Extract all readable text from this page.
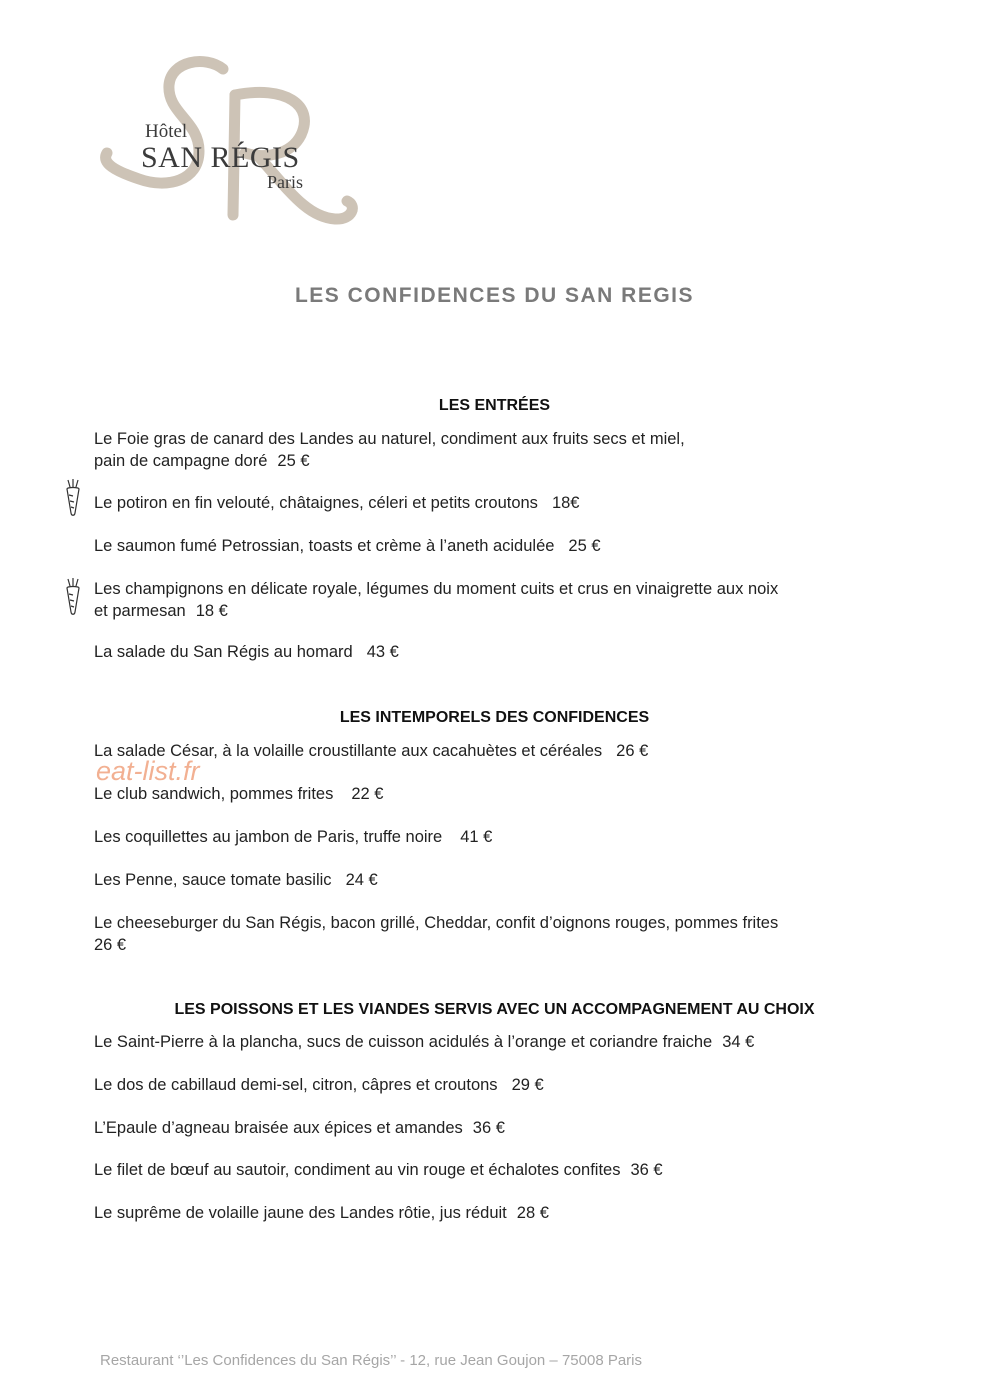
Hôtel
SAN RÉGIS
Paris
LES CONFIDENCES DU SAN REGIS
LES ENTRÉES

Le Foie gras de canard des Landes au naturel, condiment aux fruits secs et miel,
pain de campagne doré 25 €

Le potiron en fin velouté, châtaignes, céleri et petits croutons 18€

Le saumon fumé Petrossian, toasts et crème à l’aneth acidulée 25 €

Les champignons en délicate royale, légumes du moment cuits et crus en vinaigrette aux noix
et parmesan 18 €

La salade du San Régis au homard 43 €

LES INTEMPORELS DES CONFIDENCES

La salade César, à la volaille croustillante aux cacahuètes et céréales 26 €

eat-list.fr

Le club sandwich, pommes frites 22 €

Les coquillettes au jambon de Paris, truffe noire 41 €

Les Penne, sauce tomate basilic 24 €

Le cheeseburger du San Régis, bacon grillé, Cheddar, confit d’oignons rouges, pommes frites
26 €

LES POISSONS ET LES VIANDES SERVIS AVEC UN ACCOMPAGNEMENT AU CHOIX

Le Saint-Pierre à la plancha, sucs de cuisson acidulés à l’orange et coriandre fraiche 34 €

Le dos de cabillaud demi-sel, citron, câpres et croutons 29 €

L’Epaule d’agneau braisée aux épices et amandes 36 €

Le filet de bœuf au sautoir, condiment au vin rouge et échalotes confites 36 €

Le suprême de volaille jaune des Landes rôtie, jus réduit 28 €

Restaurant ‘’Les Confidences du San Régis’’ - 12, rue Jean Goujon – 75008 Paris
